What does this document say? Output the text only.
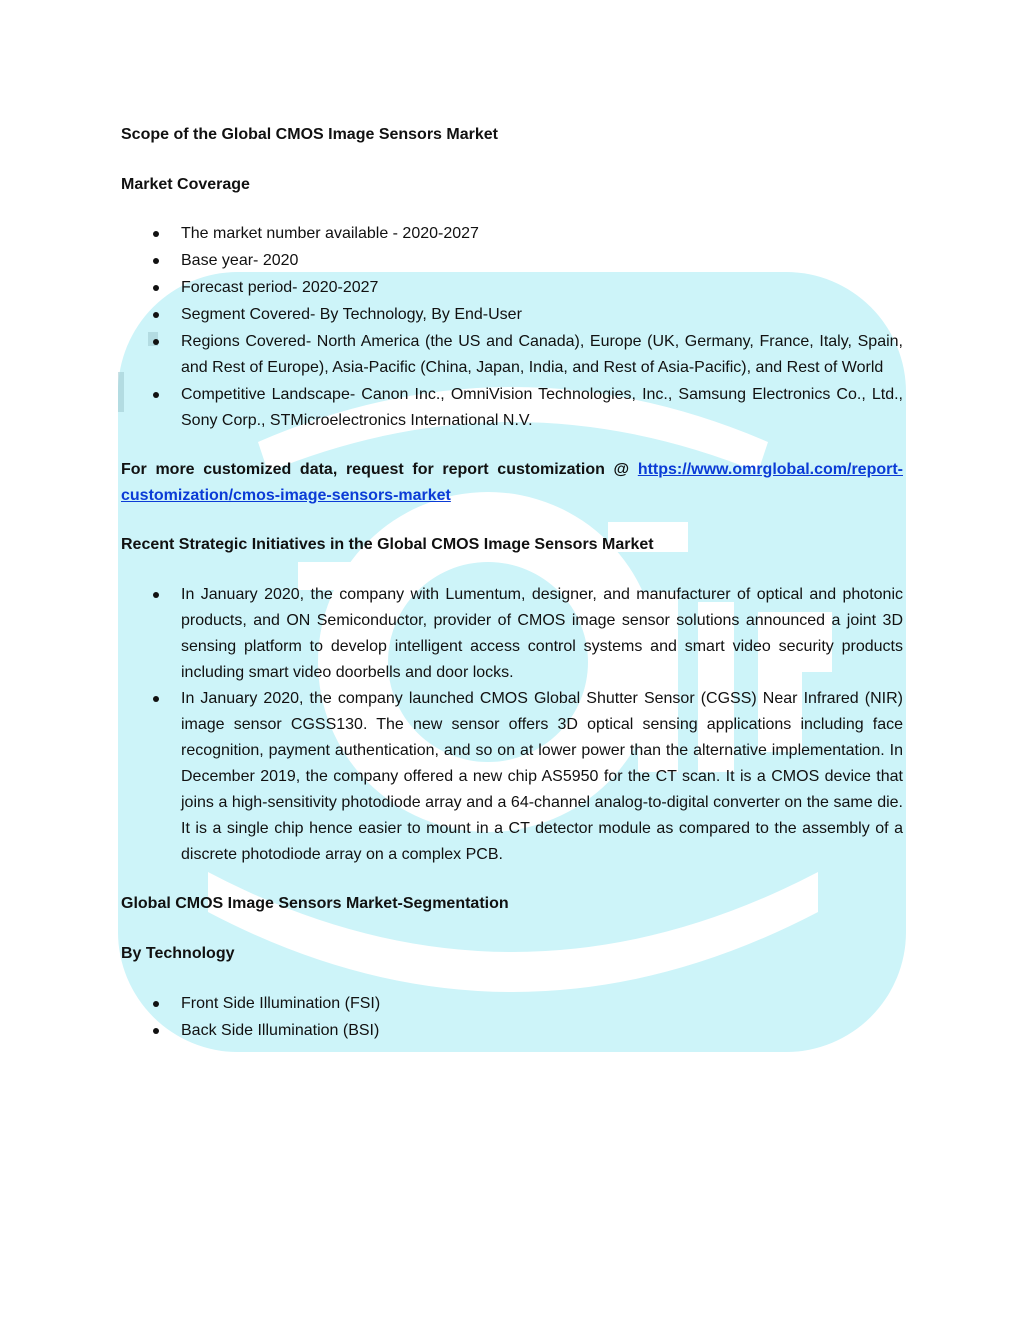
Scope of the Global CMOS Image Sensors Market

Market Coverage

The market number available - 2020-2027
Base year- 2020
Forecast period- 2020-2027
Segment Covered- By Technology, By End-User
Regions Covered- North America (the US and Canada), Europe (UK, Germany, France, Italy, Spain, and Rest of Europe), Asia-Pacific (China, Japan, India, and Rest of Asia-Pacific), and Rest of World
Competitive Landscape- Canon Inc., OmniVision Technologies, Inc., Samsung Electronics Co., Ltd., Sony Corp., STMicroelectronics International N.V.

For more customized data, request for report customization @ https://www.omrglobal.com/report-customization/cmos-image-sensors-market

Recent Strategic Initiatives in the Global CMOS Image Sensors Market

In January 2020, the company with Lumentum, designer, and manufacturer of optical and photonic products, and ON Semiconductor, provider of CMOS image sensor solutions announced a joint 3D sensing platform to develop intelligent access control systems and smart video security products including smart video doorbells and door locks.
In January 2020, the company launched CMOS Global Shutter Sensor (CGSS) Near Infrared (NIR) image sensor CGSS130. The new sensor offers 3D optical sensing applications including face recognition, payment authentication, and so on at lower power than the alternative implementation. In December 2019, the company offered a new chip AS5950 for the CT scan. It is a CMOS device that joins a high-sensitivity photodiode array and a 64-channel analog-to-digital converter on the same die. It is a single chip hence easier to mount in a CT detector module as compared to the assembly of a discrete photodiode array on a complex PCB.

Global CMOS Image Sensors Market-Segmentation

By Technology

Front Side Illumination (FSI)
Back Side Illumination (BSI)
